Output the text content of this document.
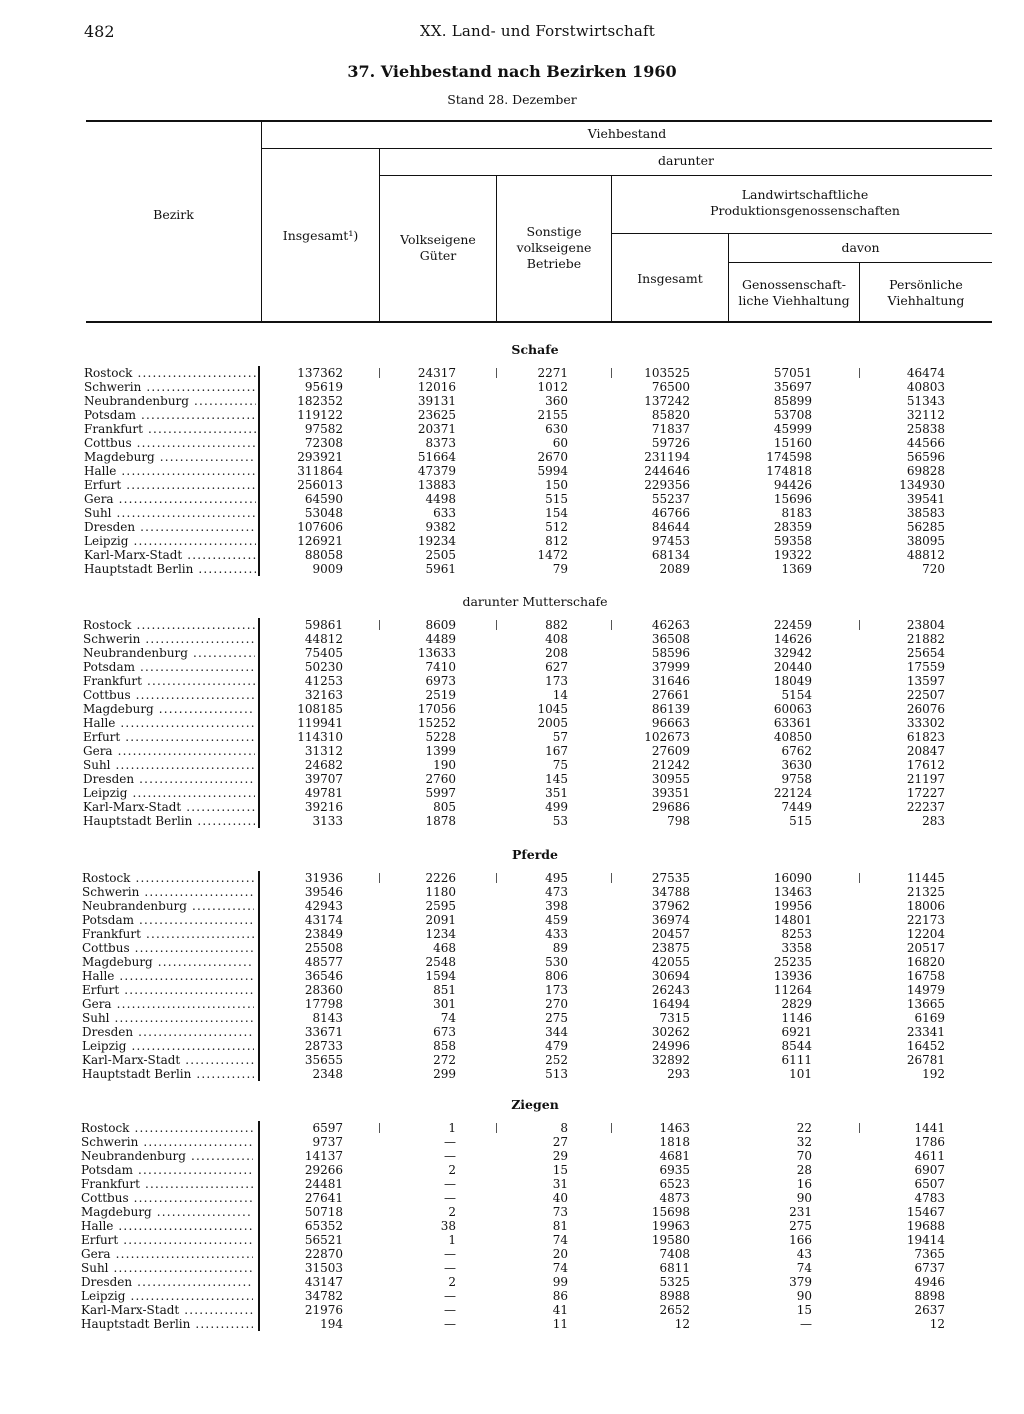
482	XX. Land- und Forstwirtschaft
37. Viehbestand nach Bezirken 1960
Stand 28. Dezember
Bezirk
Viehbestand
darunter
Insgesamt¹)	Volkseigene Güter
Sonstige volkseigene Betriebe
Landwirtschaftliche Produktionsgenossenschaften
davon
Insgesamt	Genossenschaft-liche Viehhaltung
Persönliche Viehhaltung
Schafe
Rostock .....	137362	24317	2271	103525	57051	46474
Schwerin .....	95619	12016	1012	76500	35697	40803
Neubrandenburg .....	182352	39131	360	137242	85899	51343
Potsdam .....	119122	23625	2155	85820	53708	32112
Frankfurt .....	97582	20371	630	71837	45999	25838
Cottbus .....	72308	8373	60	59726	15160	44566
Magdeburg .....	293921	51664	2670	231194	174598	56596
Halle .....	311864	47379	5994	244646	174818	69828
Erfurt .....	256013	13883	150	229356	94426	134930
Gera .....	64590	4498	515	55237	15696	39541
Suhl .....	53048	633	154	46766	8183	38583
Dresden .....	107606	9382	512	84644	28359	56285
Leipzig .....	126921	19234	812	97453	59358	38095
Karl-Marx-Stadt .....	88058	2505	1472	68134	19322	48812
Hauptstadt Berlin .....	9009	5961	79	2089	1369	720
darunter Mutterschafe
Rostock .....	59861	8609	882	46263	22459	23804
Schwerin .....	44812	4489	408	36508	14626	21882
Neubrandenburg .....	75405	13633	208	58596	32942	25654
Potsdam .....	50230	7410	627	37999	20440	17559
Frankfurt .....	41253	6973	173	31646	18049	13597
Cottbus .....	32163	2519	14	27661	5154	22507
Magdeburg .....	108185	17056	1045	86139	60063	26076
Halle .....	119941	15252	2005	96663	63361	33302
Erfurt .....	114310	5228	57	102673	40850	61823
Gera .....	31312	1399	167	27609	6762	20847
Suhl .....	24682	190	75	21242	3630	17612
Dresden .....	39707	2760	145	30955	9758	21197
Leipzig .....	49781	5997	351	39351	22124	17227
Karl-Marx-Stadt .....	39216	805	499	29686	7449	22237
Hauptstadt Berlin .....	3133	1878	53	798	515	283
Pferde
Rostock .....	31936	2226	495	27535	16090	11445
Schwerin .....	39546	1180	473	34788	13463	21325
Neubrandenburg .....	42943	2595	398	37962	19956	18006
Potsdam .....	43174	2091	459	36974	14801	22173
Frankfurt .....	23849	1234	433	20457	8253	12204
Cottbus .....	25508	468	89	23875	3358	20517
Magdeburg .....	48577	2548	530	42055	25235	16820
Halle .....	36546	1594	806	30694	13936	16758
Erfurt .....	28360	851	173	26243	11264	14979
Gera .....	17798	301	270	16494	2829	13665
Suhl .....	8143	74	275	7315	1146	6169
Dresden .....	33671	673	344	30262	6921	23341
Leipzig .....	28733	858	479	24996	8544	16452
Karl-Marx-Stadt .....	35655	272	252	32892	6111	26781
Hauptstadt Berlin .....	2348	299	513	293	101	192
Ziegen
Rostock .....	6597	1	8	1463	22	1441
Schwerin .....	9737	—	27	1818	32	1786
Neubrandenburg .....	14137	—	29	4681	70	4611
Potsdam .....	29266	2	15	6935	28	6907
Frankfurt .....	24481	—	31	6523	16	6507
Cottbus .....	27641	—	40	4873	90	4783
Magdeburg .....	50718	2	73	15698	231	15467
Halle .....	65352	38	81	19963	275	19688
Erfurt .....	56521	1	74	19580	166	19414
Gera .....	22870	—	20	7408	43	7365
Suhl .....	31503	—	74	6811	74	6737
Dresden .....	43147	2	99	5325	379	4946
Leipzig .....	34782	—	86	8988	90	8898
Karl-Marx-Stadt .....	21976	—	41	2652	15	2637
Hauptstadt Berlin .....	194	—	11	12	—	12
